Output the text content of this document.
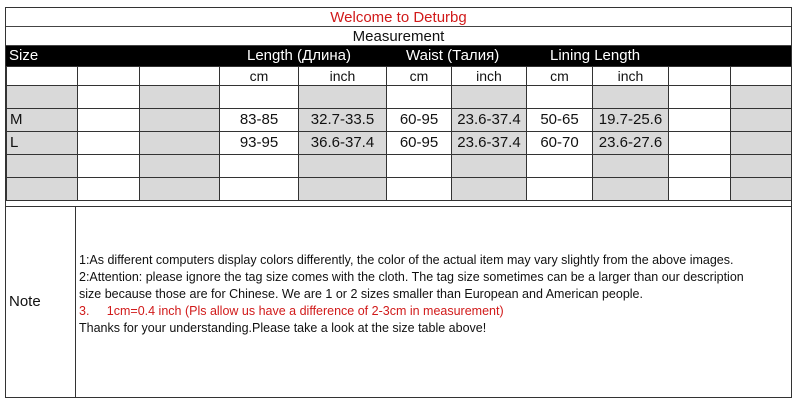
Welcome to Deturbg
Measurement
Size	Length (Длина)	Waist (Талия)	Lining Length
			cm	inch	cm	inch	cm	inch		

M			83-85	32.7-33.5	60-95	23.6-37.4	50-65	19.7-25.6		
L			93-95	36.6-37.4	60-95	23.6-37.4	60-70	23.6-27.6		

Note
1:As different computers display colors differently, the color of the actual item may vary slightly from the above images.
2:Attention: please ignore the tag size comes with the cloth. The tag size sometimes can be a larger than our description
size because those are for Chinese. We are 1 or 2 sizes smaller than European and American people.
3.     1cm=0.4 inch (Pls allow us have a difference of 2-3cm in measurement)
Thanks for your understanding.Please take a look at the size table above!
